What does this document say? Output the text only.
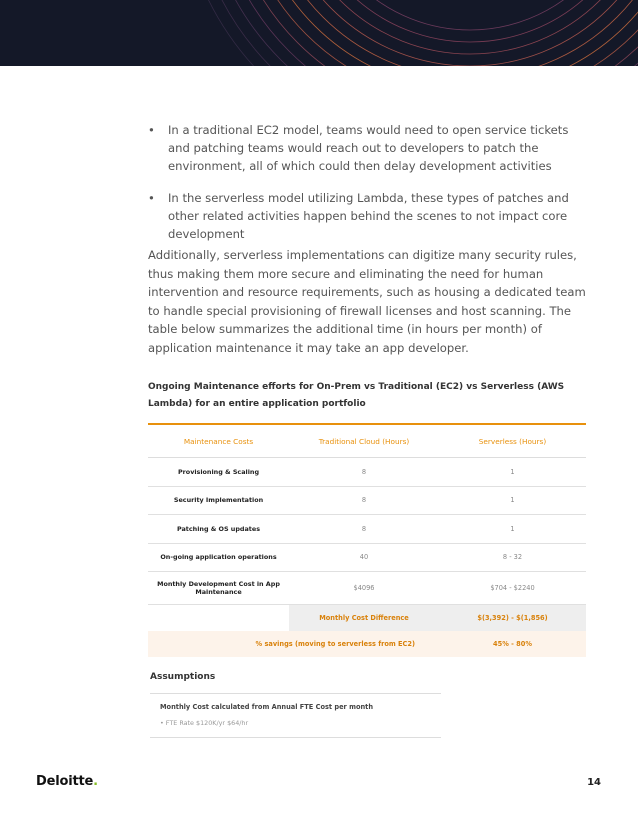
• In a traditional EC2 model, teams would need to open service tickets and patching teams would reach out to developers to patch the environment, all of which could then delay development activities
• In the serverless model utilizing Lambda, these types of patches and other related activities happen behind the scenes to not impact core development

Additionally, serverless implementations can digitize many security rules, thus making them more secure and eliminating the need for human intervention and resource requirements, such as housing a dedicated team to handle special provisioning of firewall licenses and host scanning. The table below summarizes the additional time (in hours per month) of application maintenance it may take an app developer.

Ongoing Maintenance efforts for On-Prem vs Traditional (EC2) vs Serverless (AWS Lambda) for an entire application portfolio

Maintenance Costs	Traditional Cloud (Hours)	Serverless (Hours)
Provisioning & Scaling	8	1
Security Implementation	8	1
Patching & OS updates	8	1
On-going application operations	40	8 - 32
Monthly Development Cost in App Maintenance	$4096	$704 - $2240
	Monthly Cost Difference	$(3,392) - $(1,856)
% savings (moving to serverless from EC2)		45% - 80%

Assumptions

Monthly Cost calculated from Annual FTE Cost per month

• FTE Rate $120K/yr $64/hr

Deloitte.	14
